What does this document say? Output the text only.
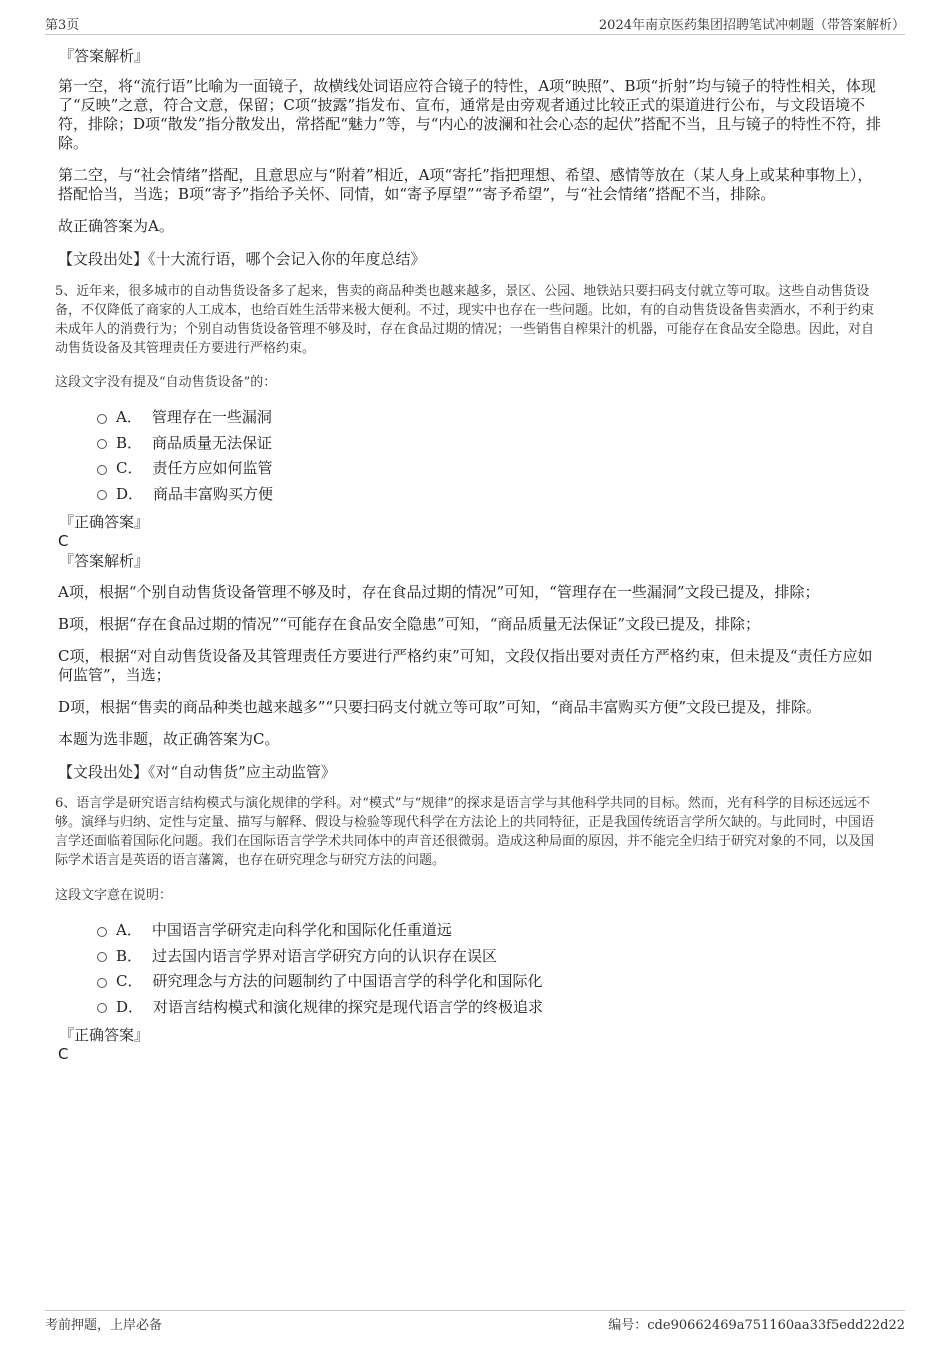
第3页	2024年南京医药集团招聘笔试冲刺题（带答案解析）

『答案解析』

第一空，将“流行语”比喻为一面镜子，故横线处词语应符合镜子的特性，A项“映照”、B项“折射”均与镜子的特性相关，体现了“反映”之意，符合文意，保留；C项“披露”指发布、宣布，通常是由旁观者通过比较正式的渠道进行公布，与文段语境不符，排除；D项“散发”指分散发出，常搭配“魅力”等，与“内心的波澜和社会心态的起伏”搭配不当，且与镜子的特性不符，排除。

第二空，与“社会情绪”搭配，且意思应与“附着”相近，A项“寄托”指把理想、希望、感情等放在（某人身上或某种事物上），搭配恰当，当选；B项“寄予”指给予关怀、同情，如“寄予厚望”“寄予希望”，与“社会情绪”搭配不当，排除。

故正确答案为A。

【文段出处】《十大流行语，哪个会记入你的年度总结》

5、近年来，很多城市的自动售货设备多了起来，售卖的商品种类也越来越多，景区、公园、地铁站只要扫码支付就立等可取。这些自动售货设备，不仅降低了商家的人工成本，也给百姓生活带来极大便利。不过，现实中也存在一些问题。比如，有的自动售货设备售卖酒水，不利于约束未成年人的消费行为；个别自动售货设备管理不够及时，存在食品过期的情况；一些销售自榨果汁的机器，可能存在食品安全隐患。因此，对自动售货设备及其管理责任方要进行严格约束。

这段文字没有提及“自动售货设备”的：

A． 管理存在一些漏洞
B． 商品质量无法保证
C． 责任方应如何监管
D． 商品丰富购买方便

『正确答案』

C

『答案解析』

A项，根据“个别自动售货设备管理不够及时，存在食品过期的情况”可知，“管理存在一些漏洞”文段已提及，排除；

B项，根据“存在食品过期的情况”“可能存在食品安全隐患”可知，“商品质量无法保证”文段已提及，排除；

C项，根据“对自动售货设备及其管理责任方要进行严格约束”可知，文段仅指出要对责任方严格约束，但未提及“责任方应如何监管”，当选；

D项，根据“售卖的商品种类也越来越多”“只要扫码支付就立等可取”可知，“商品丰富购买方便”文段已提及，排除。

本题为选非题，故正确答案为C。

【文段出处】《对“自动售货”应主动监管》

6、语言学是研究语言结构模式与演化规律的学科。对“模式”与“规律”的探求是语言学与其他科学共同的目标。然而，光有科学的目标还远远不够。演绎与归纳、定性与定量、描写与解释、假设与检验等现代科学在方法论上的共同特征，正是我国传统语言学所欠缺的。与此同时，中国语言学还面临着国际化问题。我们在国际语言学学术共同体中的声音还很微弱。造成这种局面的原因，并不能完全归结于研究对象的不同，以及国际学术语言是英语的语言藩篱，也存在研究理念与研究方法的问题。

这段文字意在说明：

A． 中国语言学研究走向科学化和国际化任重道远
B． 过去国内语言学界对语言学研究方向的认识存在误区
C． 研究理念与方法的问题制约了中国语言学的科学化和国际化
D． 对语言结构模式和演化规律的探究是现代语言学的终极追求

『正确答案』

C

考前押题，上岸必备	编号：cde90662469a751160aa33f5edd22d22
